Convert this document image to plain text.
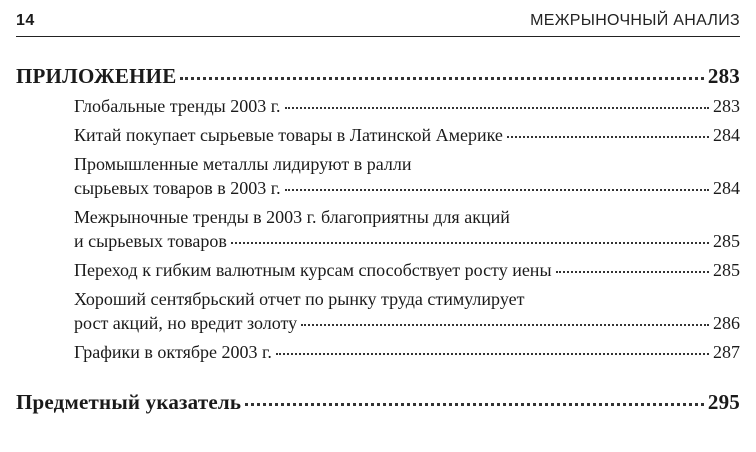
14	МЕЖРЫНОЧНЫЙ АНАЛИЗ
ПРИЛОЖЕНИЕ	283
Глобальные тренды 2003 г.	283
Китай покупает сырьевые товары в Латинской Америке	284
Промышленные металлы лидируют в ралли
сырьевых товаров в 2003 г.	284
Межрыночные тренды в 2003 г. благоприятны для акций
и сырьевых товаров	285
Переход к гибким валютным курсам способствует росту иены	285
Хороший сентябрьский отчет по рынку труда стимулирует
рост акций, но вредит золоту	286
Графики в октябре 2003 г.	287
Предметный указатель	295
